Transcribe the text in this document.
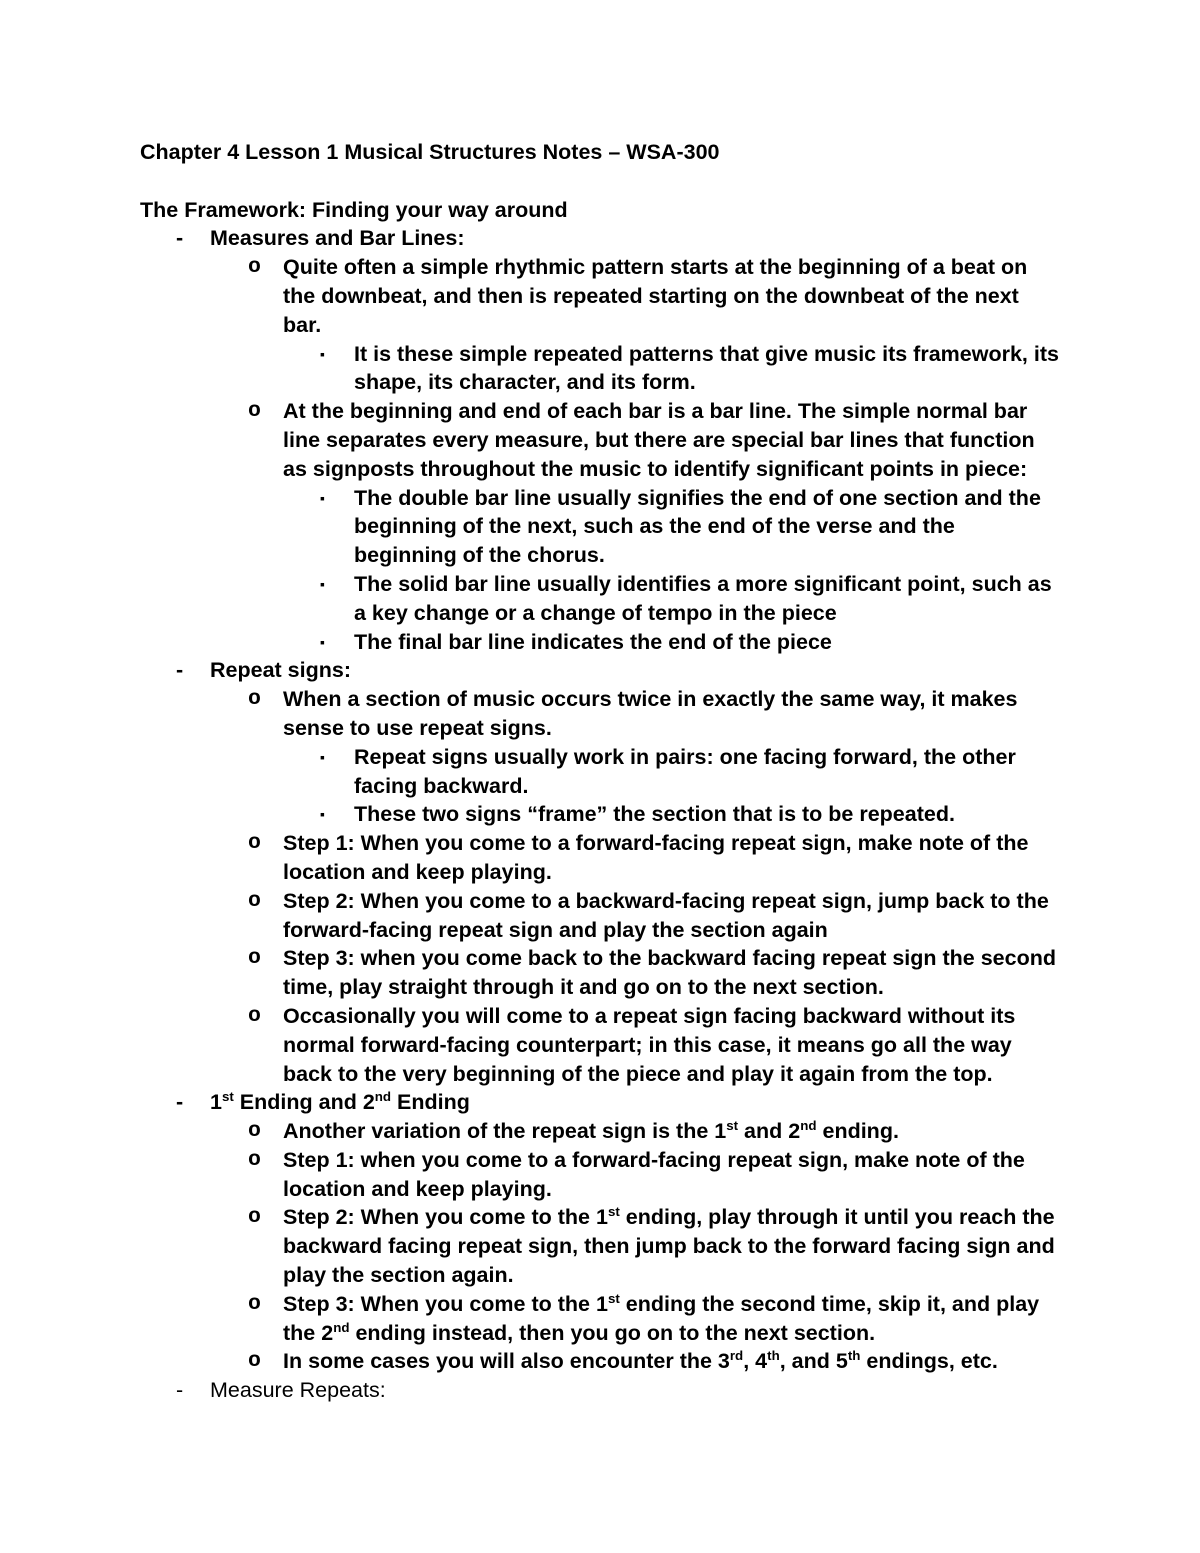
Chapter 4 Lesson 1 Musical Structures Notes – WSA-300

The Framework: Finding your way around

- Measures and Bar Lines:
o Quite often a simple rhythmic pattern starts at the beginning of a beat on the downbeat, and then is repeated starting on the downbeat of the next bar.
▪ It is these simple repeated patterns that give music its framework, its shape, its character, and its form.
o At the beginning and end of each bar is a bar line. The simple normal bar line separates every measure, but there are special bar lines that function as signposts throughout the music to identify significant points in piece:
▪ The double bar line usually signifies the end of one section and the beginning of the next, such as the end of the verse and the beginning of the chorus.
▪ The solid bar line usually identifies a more significant point, such as a key change or a change of tempo in the piece
▪ The final bar line indicates the end of the piece
- Repeat signs:
o When a section of music occurs twice in exactly the same way, it makes sense to use repeat signs.
▪ Repeat signs usually work in pairs: one facing forward, the other facing backward.
▪ These two signs “frame” the section that is to be repeated.
o Step 1: When you come to a forward-facing repeat sign, make note of the location and keep playing.
o Step 2: When you come to a backward-facing repeat sign, jump back to the forward-facing repeat sign and play the section again
o Step 3: when you come back to the backward facing repeat sign the second time, play straight through it and go on to the next section.
o Occasionally you will come to a repeat sign facing backward without its normal forward-facing counterpart; in this case, it means go all the way back to the very beginning of the piece and play it again from the top.
- 1st Ending and 2nd Ending
o Another variation of the repeat sign is the 1st and 2nd ending.
o Step 1: when you come to a forward-facing repeat sign, make note of the location and keep playing.
o Step 2: When you come to the 1st ending, play through it until you reach the backward facing repeat sign, then jump back to the forward facing sign and play the section again.
o Step 3: When you come to the 1st ending the second time, skip it, and play the 2nd ending instead, then you go on to the next section.
o In some cases you will also encounter the 3rd, 4th, and 5th endings, etc.
- Measure Repeats:
